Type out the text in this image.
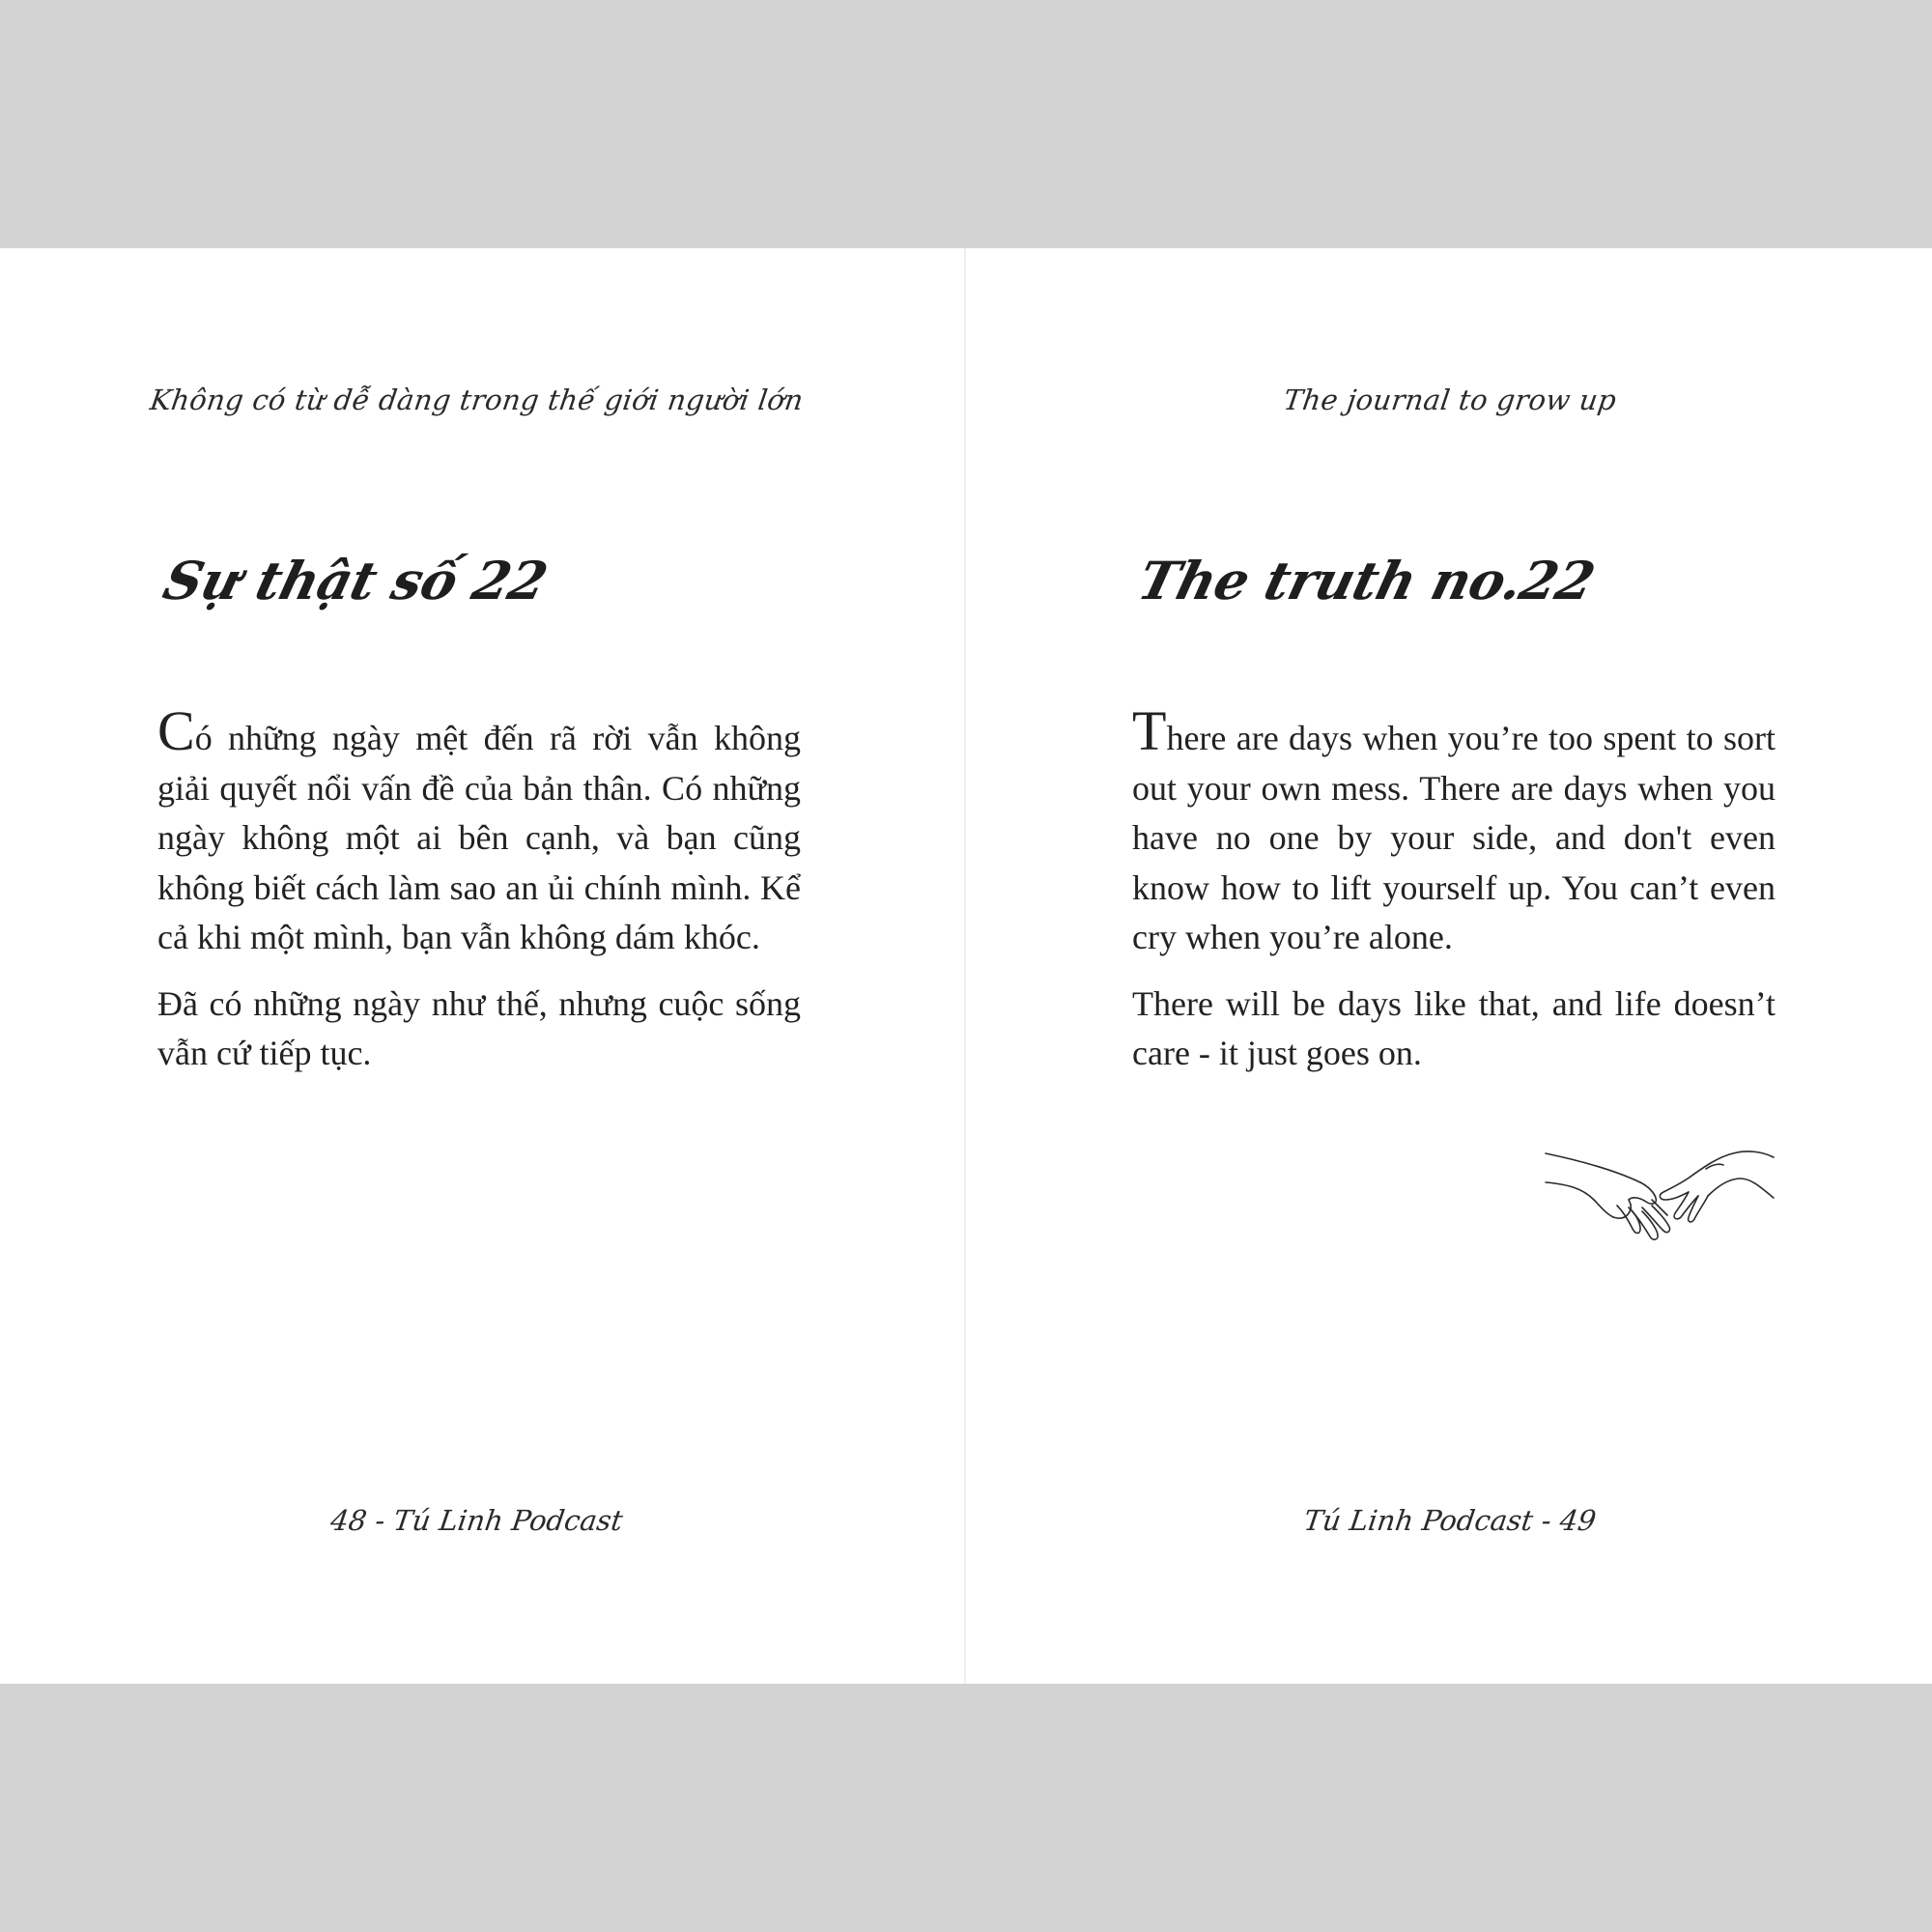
Không có từ dễ dàng trong thế giới người lớn
Sự thật số 22

Có những ngày mệt đến rã rời vẫn không giải quyết nổi vấn đề của bản thân. Có những ngày không một ai bên cạnh, và bạn cũng không biết cách làm sao an ủi chính mình. Kể cả khi một mình, bạn vẫn không dám khóc.

Đã có những ngày như thế, nhưng cuộc sống vẫn cứ tiếp tục.

48 - Tú Linh Podcast
The journal to grow up
The truth no.22

There are days when you’re too spent to sort out your own mess. There are days when you have no one by your side, and don't even know how to lift yourself up. You can’t even cry when you’re alone.

There will be days like that, and life doesn’t care - it just goes on.

Tú Linh Podcast - 49
